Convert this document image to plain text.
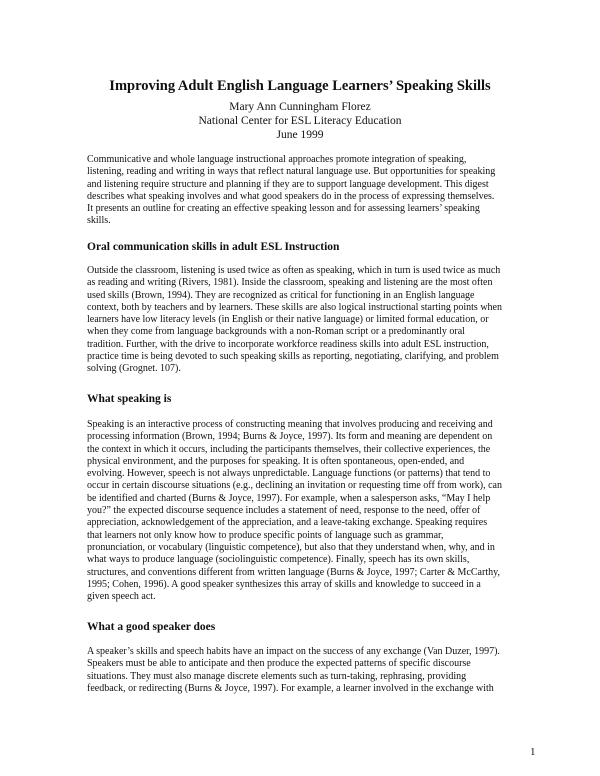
Improving Adult English Language Learners’ Speaking Skills
Mary Ann Cunningham Florez
National Center for ESL Literacy Education
June 1999
Communicative and whole language instructional approaches promote integration of speaking,
listening, reading and writing in ways that reflect natural language use. But opportunities for speaking
and listening require structure and planning if they are to support language development. This digest
describes what speaking involves and what good speakers do in the process of expressing themselves.
It presents an outline for creating an effective speaking lesson and for assessing learners’ speaking
skills.
Oral communication skills in adult ESL Instruction
Outside the classroom, listening is used twice as often as speaking, which in turn is used twice as much
as reading and writing (Rivers, 1981). Inside the classroom, speaking and listening are the most often
used skills (Brown, 1994). They are recognized as critical for functioning in an English language
context, both by teachers and by learners. These skills are also logical instructional starting points when
learners have low literacy levels (in English or their native language) or limited formal education, or
when they come from language backgrounds with a non-Roman script or a predominantly oral
tradition. Further, with the drive to incorporate workforce readiness skills into adult ESL instruction,
practice time is being devoted to such speaking skills as reporting, negotiating, clarifying, and problem
solving (Grognet. 107).
What speaking is
Speaking is an interactive process of constructing meaning that involves producing and receiving and
processing information (Brown, 1994; Burns & Joyce, 1997). Its form and meaning are dependent on
the context in which it occurs, including the participants themselves, their collective experiences, the
physical environment, and the purposes for speaking. It is often spontaneous, open-ended, and
evolving. However, speech is not always unpredictable. Language functions (or patterns) that tend to
occur in certain discourse situations (e.g., declining an invitation or requesting time off from work), can
be identified and charted (Burns & Joyce, 1997). For example, when a salesperson asks, “May I help
you?” the expected discourse sequence includes a statement of need, response to the need, offer of
appreciation, acknowledgement of the appreciation, and a leave-taking exchange. Speaking requires
that learners not only know how to produce specific points of language such as grammar,
pronunciation, or vocabulary (linguistic competence), but also that they understand when, why, and in
what ways to produce language (sociolinguistic competence). Finally, speech has its own skills,
structures, and conventions different from written language (Burns & Joyce, 1997; Carter & McCarthy,
1995; Cohen, 1996). A good speaker synthesizes this array of skills and knowledge to succeed in a
given speech act.
What a good speaker does
A speaker’s skills and speech habits have an impact on the success of any exchange (Van Duzer, 1997).
Speakers must be able to anticipate and then produce the expected patterns of specific discourse
situations. They must also manage discrete elements such as turn-taking, rephrasing, providing
feedback, or redirecting (Burns & Joyce, 1997). For example, a learner involved in the exchange with
1
